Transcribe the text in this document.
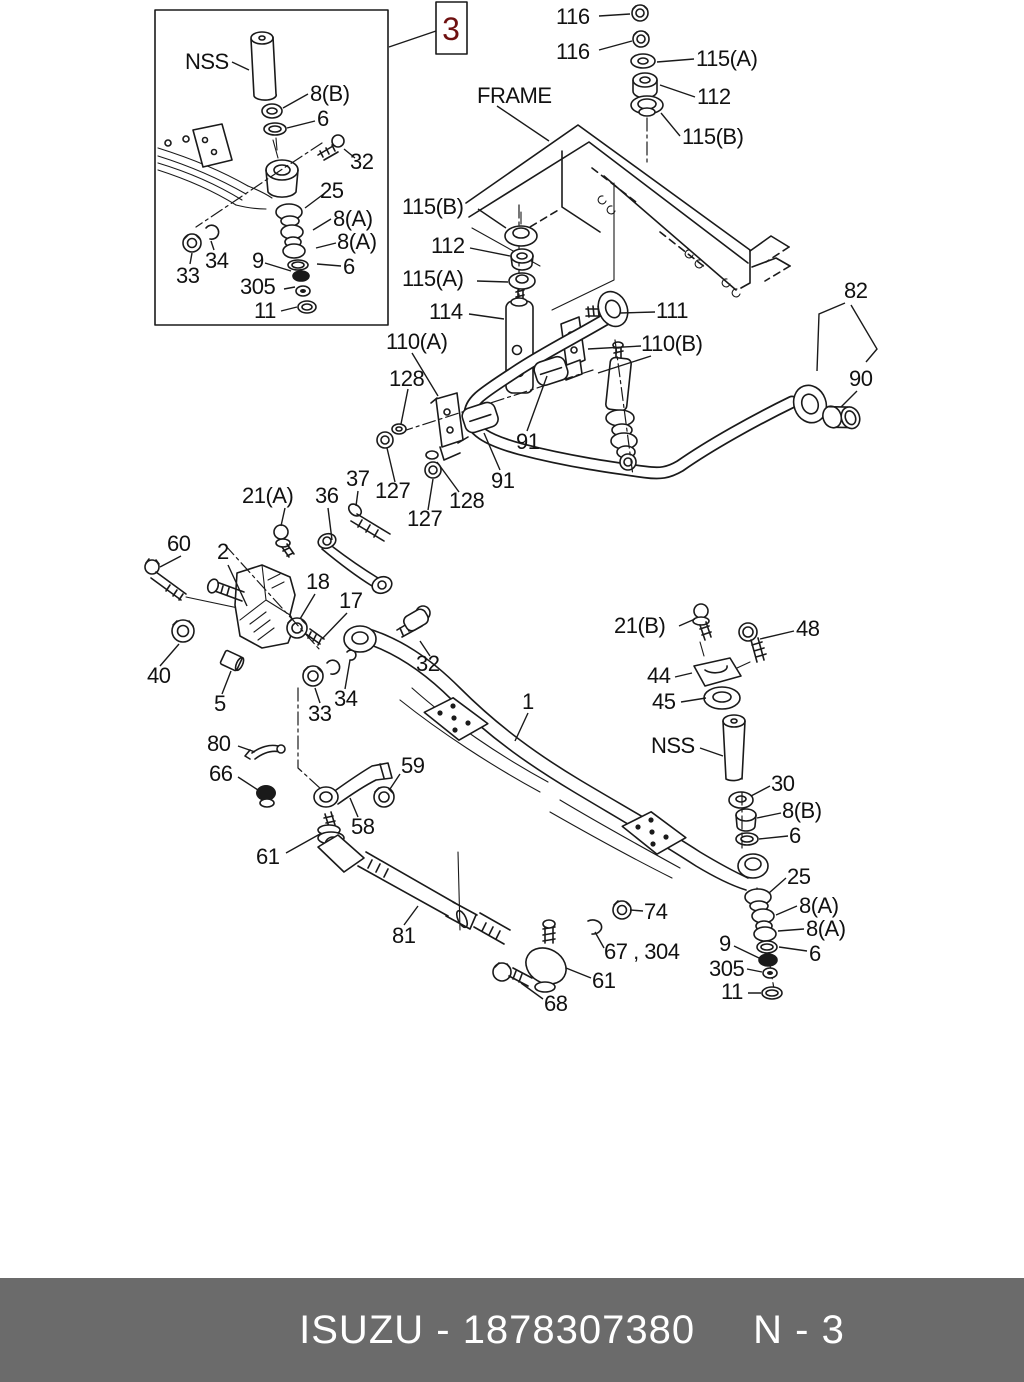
3
NSS
8(B)
6
32
25
8(A)
8(A)
6
9
305
11
33
34
116
116	115(A)
112
115(B)
FRAME
115(B)
112
115(A)
114	111
110(A)	110(B)
128
91
91
127 128
127
82
90
21(A) 36
37
60 2
18
17
40
5	33
34
32
1
80
66	59
58
61
81
61
68
67 , 304
74
21(B)	48
44
45
NSS
30
8(B)
6
25
8(A)
8(A)
9	6
305
11
ISUZU - 1878307380 N - 3
